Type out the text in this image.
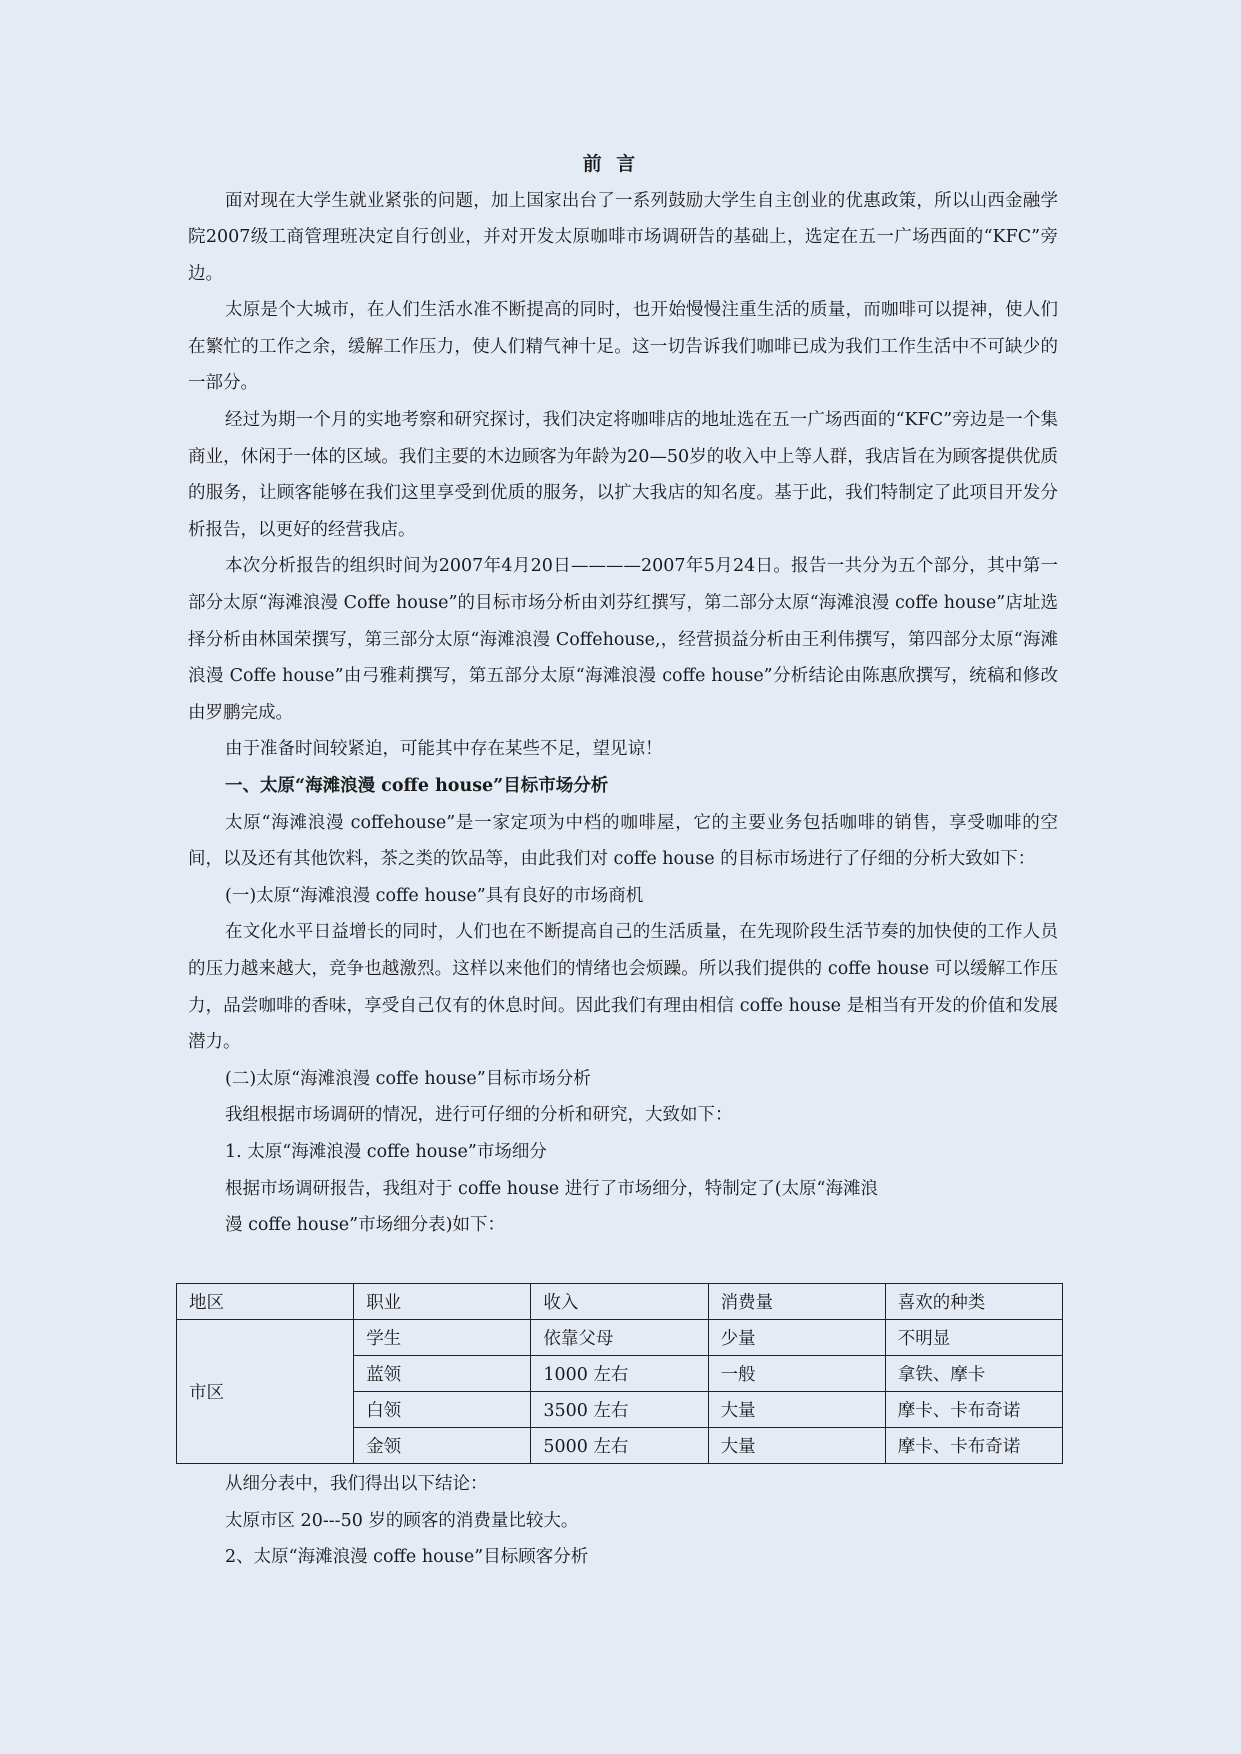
前 言

面对现在大学生就业紧张的问题，加上国家出台了一系列鼓励大学生自主创业的优惠政策，所以山西金融学院2007级工商管理班决定自行创业，并对开发太原咖啡市场调研告的基础上，选定在五一广场西面的“KFC”旁边。

太原是个大城市，在人们生活水准不断提高的同时，也开始慢慢注重生活的质量，而咖啡可以提神，使人们在繁忙的工作之余，缓解工作压力，使人们精气神十足。这一切告诉我们咖啡已成为我们工作生活中不可缺少的一部分。

经过为期一个月的实地考察和研究探讨，我们决定将咖啡店的地址选在五一广场西面的“KFC”旁边是一个集商业，休闲于一体的区域。我们主要的木边顾客为年龄为20—50岁的收入中上等人群，我店旨在为顾客提供优质的服务，让顾客能够在我们这里享受到优质的服务，以扩大我店的知名度。基于此，我们特制定了此项目开发分析报告，以更好的经营我店。

本次分析报告的组织时间为2007年4月20日————2007年5月24日。报告一共分为五个部分，其中第一部分太原“海滩浪漫 Coffe house”的目标市场分析由刘芬红撰写，第二部分太原“海滩浪漫 coffe house”店址选择分析由林国荣撰写，第三部分太原“海滩浪漫 Coffehouse,，经营损益分析由王利伟撰写，第四部分太原“海滩浪漫 Coffe house”由弓雅莉撰写，第五部分太原“海滩浪漫 coffe house”分析结论由陈惠欣撰写，统稿和修改由罗鹏完成。

由于准备时间较紧迫，可能其中存在某些不足，望见谅！

一、太原“海滩浪漫 coffe house”目标市场分析

太原“海滩浪漫 coffehouse”是一家定项为中档的咖啡屋，它的主要业务包括咖啡的销售，享受咖啡的空间，以及还有其他饮料，茶之类的饮品等，由此我们对 coffe house 的目标市场进行了仔细的分析大致如下：

(一)太原“海滩浪漫 coffe house”具有良好的市场商机

在文化水平日益增长的同时，人们也在不断提高自己的生活质量，在先现阶段生活节奏的加快使的工作人员的压力越来越大，竞争也越激烈。这样以来他们的情绪也会烦躁。所以我们提供的 coffe house 可以缓解工作压力，品尝咖啡的香味，享受自己仅有的休息时间。因此我们有理由相信 coffe house 是相当有开发的价值和发展潜力。

(二)太原“海滩浪漫 coffe house”目标市场分析

我组根据市场调研的情况，进行可仔细的分析和研究，大致如下：

1. 太原“海滩浪漫 coffe house”市场细分

根据市场调研报告，我组对于 coffe house 进行了市场细分，特制定了(太原“海滩浪

漫 coffe house”市场细分表)如下：

地区	职业	收入	消费量	喜欢的种类
市区	学生	依靠父母	少量	不明显
	蓝领	1000 左右	一般	拿铁、摩卡
	白领	3500 左右	大量	摩卡、卡布奇诺
	金领	5000 左右	大量	摩卡、卡布奇诺

从细分表中，我们得出以下结论：

太原市区 20---50 岁的顾客的消费量比较大。

2、太原“海滩浪漫 coffe house”目标顾客分析
